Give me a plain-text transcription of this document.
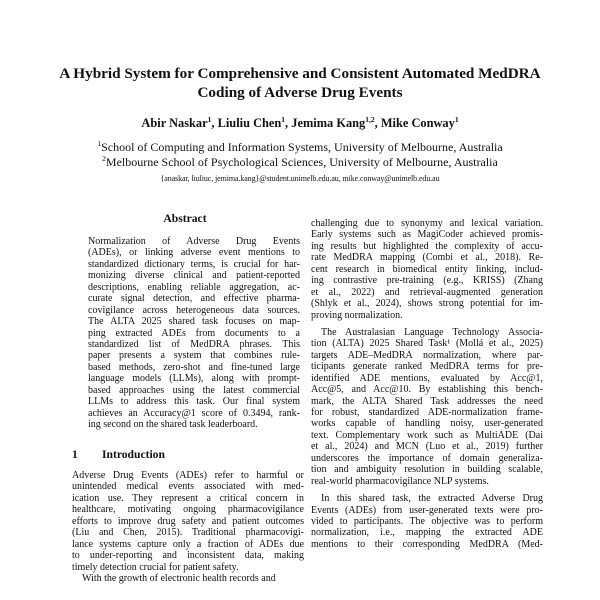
A Hybrid System for Comprehensive and Consistent Automated MedDRA
Coding of Adverse Drug Events
Abir Naskar$^1$, Liuliu Chen$^1$, Jemima Kang$^{1,2}$, Mike Conway$^1$
$^1$School of Computing and Information Systems, University of Melbourne, Australia
$^2$Melbourne School of Psychological Sciences, University of Melbourne, Australia
{anaskar, liuliuc, jemima.kang}@student.unimelb.edu.au, mike.conway@unimelb.edu.au
Abstract
Normalization of Adverse Drug Events
(ADEs), or linking adverse event mentions to
standardized dictionary terms, is crucial for har-
monizing diverse clinical and patient-reported
descriptions, enabling reliable aggregation, ac-
curate signal detection, and effective pharma-
covigilance across heterogeneous data sources.
The ALTA 2025 shared task focuses on map-
ping extracted ADEs from documents to a
standardized list of MedDRA phrases. This
paper presents a system that combines rule-
based methods, zero-shot and fine-tuned large
language models (LLMs), along with prompt-
based approaches using the latest commercial
LLMs to address this task. Our final system
achieves an Accuracy@1 score of 0.3494, rank-
ing second on the shared task leaderboard.
1 Introduction
Adverse Drug Events (ADEs) refer to harmful or
unintended medical events associated with med-
ication use. They represent a critical concern in
healthcare, motivating ongoing pharmacovigilance
efforts to improve drug safety and patient outcomes
(Liu and Chen, 2015). Traditional pharmacovigi-
lance systems capture only a fraction of ADEs due
to under-reporting and inconsistent data, making
timely detection crucial for patient safety.
With the growth of electronic health records and
challenging due to synonymy and lexical variation.
Early systems such as MagiCoder achieved promis-
ing results but highlighted the complexity of accu-
rate MedDRA mapping (Combi et al., 2018). Re-
cent research in biomedical entity linking, includ-
ing contrastive pre-training (e.g., KRISS) (Zhang
et al., 2022) and retrieval-augmented generation
(Shlyk et al., 2024), shows strong potential for im-
proving normalization.
The Australasian Language Technology Associa-
tion (ALTA) 2025 Shared Task¹ (Mollá et al., 2025)
targets ADE–MedDRA normalization, where par-
ticipants generate ranked MedDRA terms for pre-
identified ADE mentions, evaluated by Acc@1,
Acc@5, and Acc@10. By establishing this bench-
mark, the ALTA Shared Task addresses the need
for robust, standardized ADE-normalization frame-
works capable of handling noisy, user-generated
text. Complementary work such as MultiADE (Dai
et al., 2024) and MCN (Luo et al., 2019) further
underscores the importance of domain generaliza-
tion and ambiguity resolution in building scalable,
real-world pharmacovigilance NLP systems.
In this shared task, the extracted Adverse Drug
Events (ADEs) from user-generated texts were pro-
vided to participants. The objective was to perform
normalization, i.e., mapping the extracted ADE
mentions to their corresponding MedDRA (Med-
